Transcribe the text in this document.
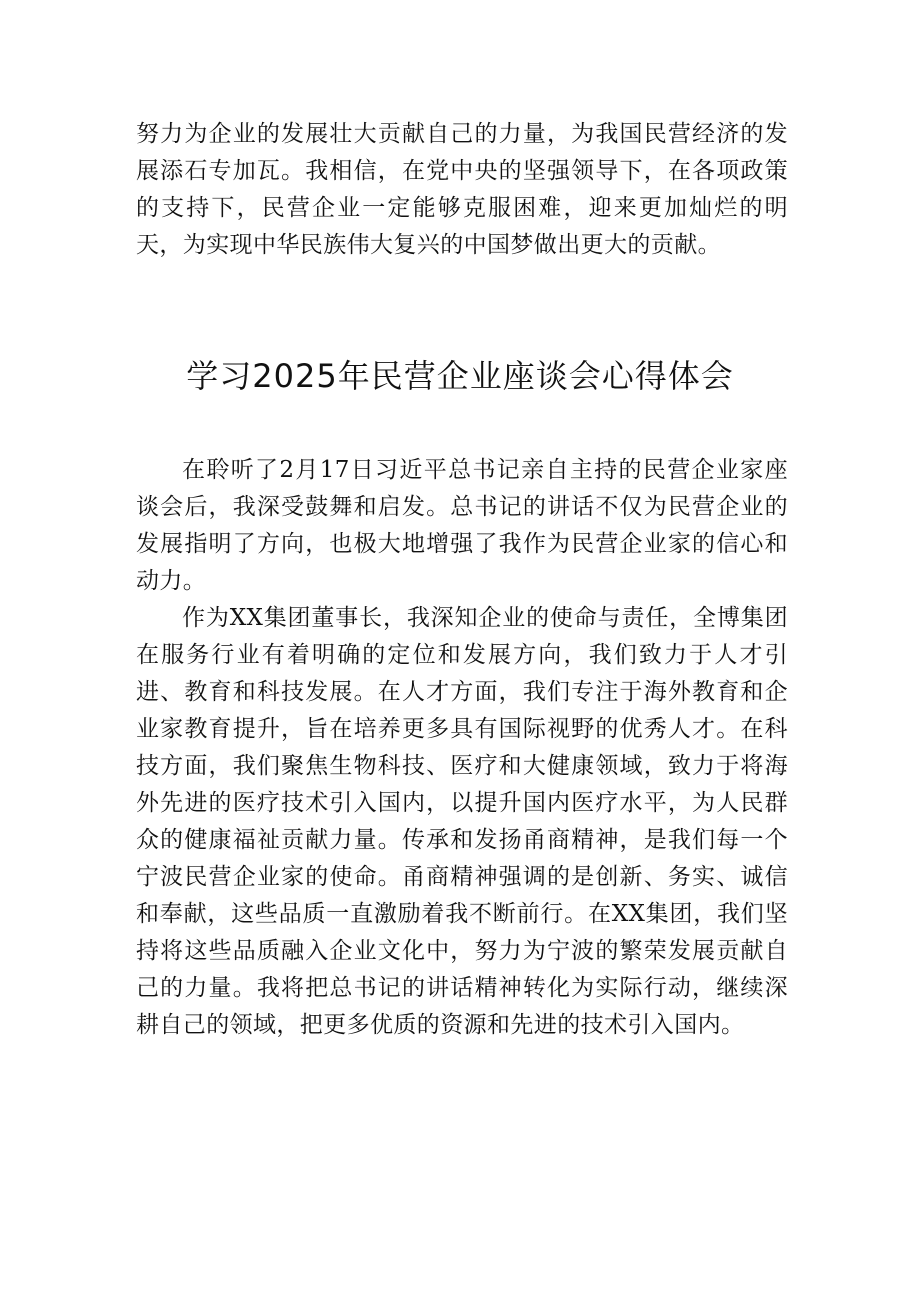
努力为企业的发展壮大贡献自己的力量，为我国民营经济的发展添石专加瓦。我相信，在党中央的坚强领导下，在各项政策的支持下，民营企业一定能够克服困难，迎来更加灿烂的明天，为实现中华民族伟大复兴的中国梦做出更大的贡献。

学习2025年民营企业座谈会心得体会

在聆听了2月17日习近平总书记亲自主持的民营企业家座谈会后，我深受鼓舞和启发。总书记的讲话不仅为民营企业的发展指明了方向，也极大地增强了我作为民营企业家的信心和动力。

作为XX集团董事长，我深知企业的使命与责任，全博集团在服务行业有着明确的定位和发展方向，我们致力于人才引进、教育和科技发展。在人才方面，我们专注于海外教育和企业家教育提升，旨在培养更多具有国际视野的优秀人才。在科技方面，我们聚焦生物科技、医疗和大健康领域，致力于将海外先进的医疗技术引入国内，以提升国内医疗水平，为人民群众的健康福祉贡献力量。传承和发扬甬商精神，是我们每一个宁波民营企业家的使命。甬商精神强调的是创新、务实、诚信和奉献，这些品质一直激励着我不断前行。在XX集团，我们坚持将这些品质融入企业文化中，努力为宁波的繁荣发展贡献自己的力量。我将把总书记的讲话精神转化为实际行动，继续深耕自己的领域，把更多优质的资源和先进的技术引入国内。
